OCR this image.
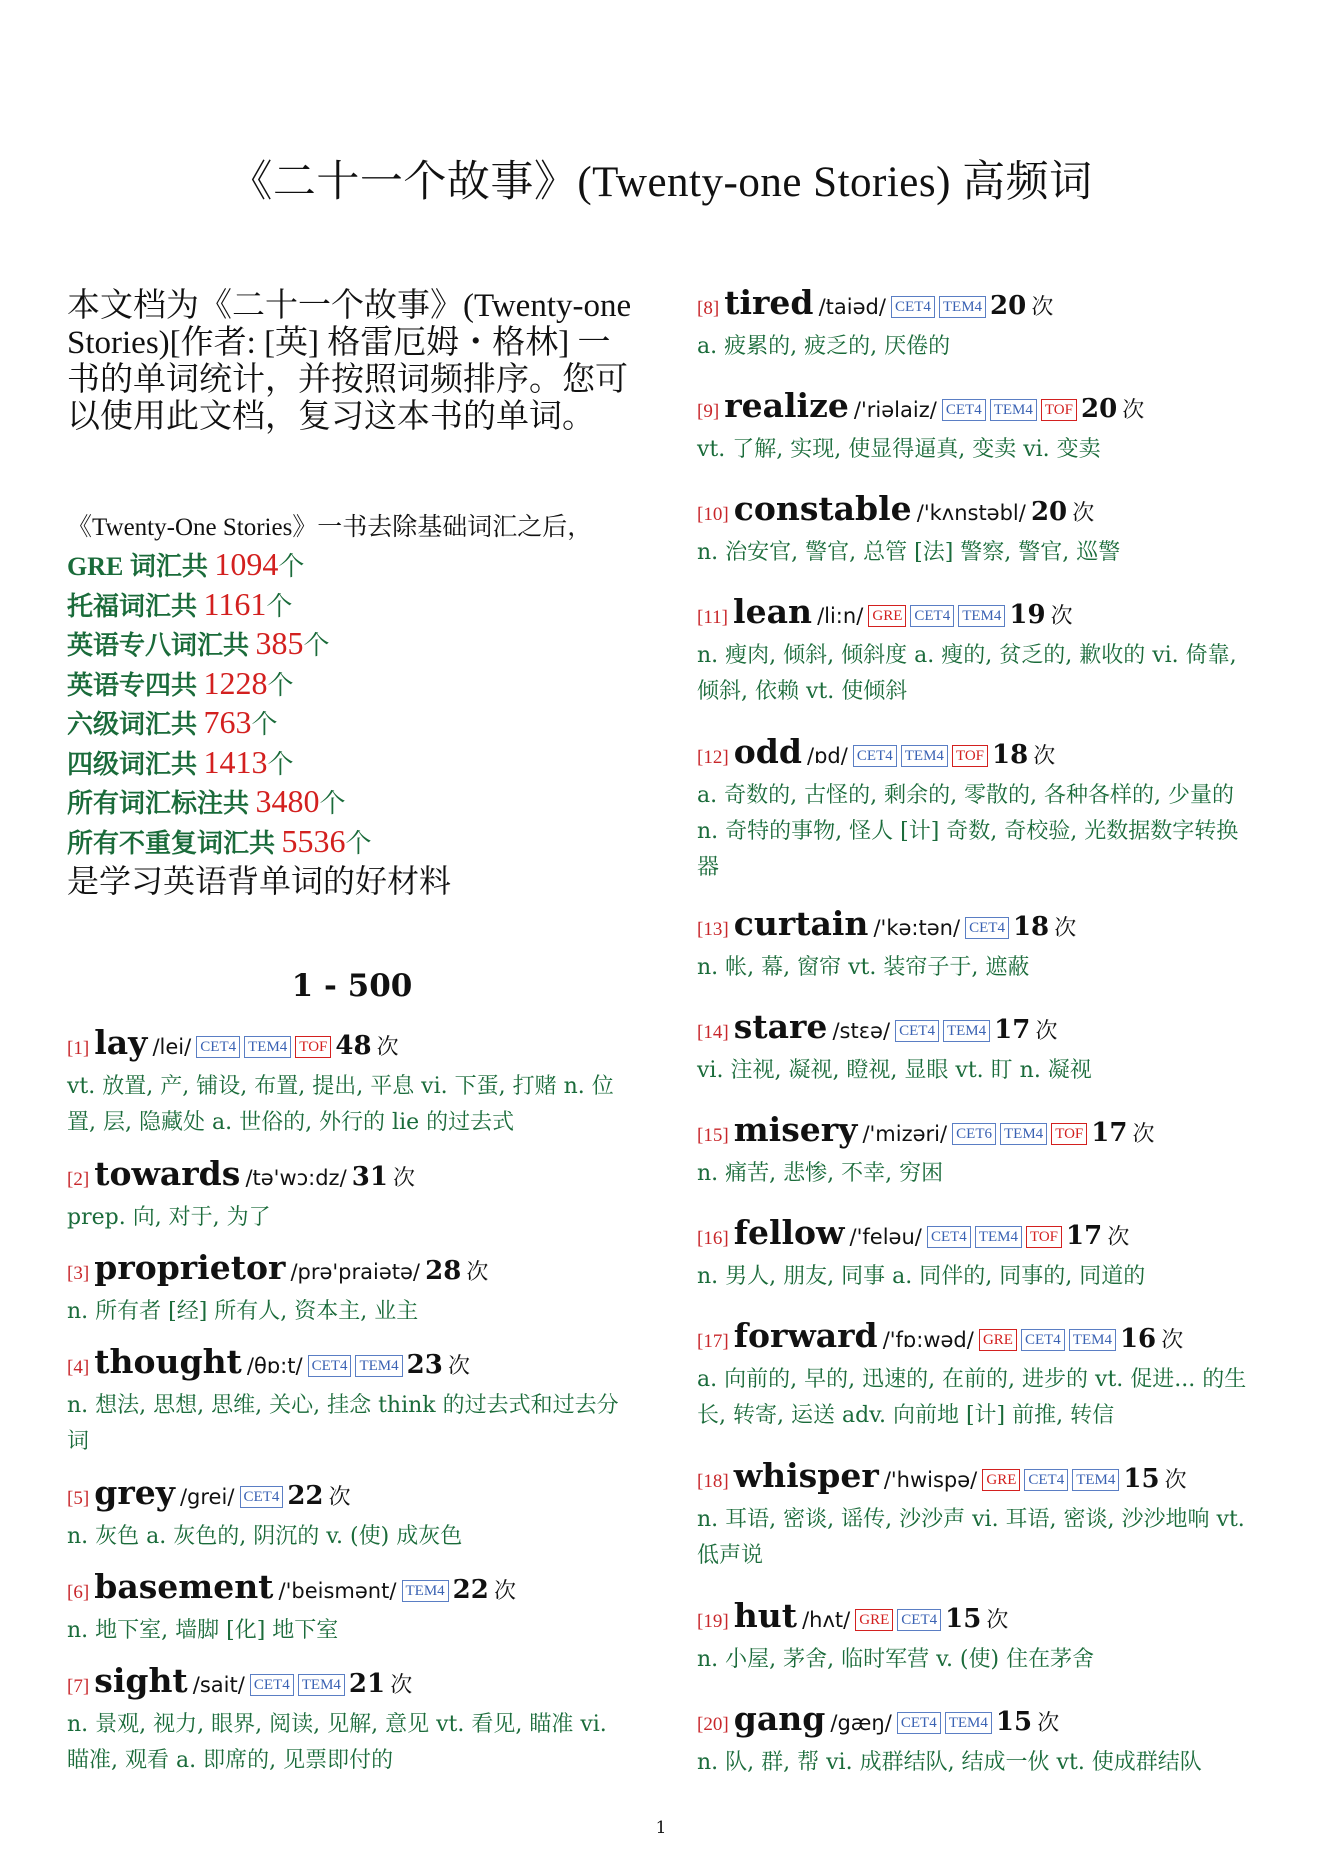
《二十一个故事》(Twenty-one Stories) 高频词
本文档为《二十一个故事》(Twenty-one Stories)[作者: [英] 格雷厄姆・格林] 一书的单词统计，并按照词频排序。您可以使用此文档，复习这本书的单词。
《Twenty-One Stories》一书去除基础词汇之后，
GRE 词汇共 1094个
托福词汇共 1161个
英语专八词汇共 385个
英语专四共 1228个
六级词汇共 763个
四级词汇共 1413个
所有词汇标注共 3480个
所有不重复词汇共 5536个
是学习英语背单词的好材料
1 - 500
[1] lay /lei/ CET4 TEM4 TOF 48 次
vt. 放置, 产, 铺设, 布置, 提出, 平息 vi. 下蛋, 打赌 n. 位
置, 层, 隐藏处 a. 世俗的, 外行的 lie 的过去式
[2] towards /tə'wɔ:dz/ 31 次
prep. 向, 对于, 为了
[3] proprietor /prə'praiətə/ 28 次
n. 所有者 [经] 所有人, 资本主, 业主
[4] thought /θɒ:t/ CET4 TEM4 23 次
n. 想法, 思想, 思维, 关心, 挂念 think 的过去式和过去分
词
[5] grey /grei/ CET4 22 次
n. 灰色 a. 灰色的, 阴沉的 v. (使) 成灰色
[6] basement /'beismənt/ TEM4 22 次
n. 地下室, 墙脚 [化] 地下室
[7] sight /sait/ CET4 TEM4 21 次
n. 景观, 视力, 眼界, 阅读, 见解, 意见 vt. 看见, 瞄准 vi.
瞄准, 观看 a. 即席的, 见票即付的
[8] tired /taiəd/ CET4 TEM4 20 次
a. 疲累的, 疲乏的, 厌倦的
[9] realize /'riəlaiz/ CET4 TEM4 TOF 20 次
vt. 了解, 实现, 使显得逼真, 变卖 vi. 变卖
[10] constable /'kʌnstəbl/ 20 次
n. 治安官, 警官, 总管 [法] 警察, 警官, 巡警
[11] lean /li:n/ GRE CET4 TEM4 19 次
n. 瘦肉, 倾斜, 倾斜度 a. 瘦的, 贫乏的, 歉收的 vi. 倚靠,
倾斜, 依赖 vt. 使倾斜
[12] odd /ɒd/ CET4 TEM4 TOF 18 次
a. 奇数的, 古怪的, 剩余的, 零散的, 各种各样的, 少量的
n. 奇特的事物, 怪人 [计] 奇数, 奇校验, 光数据数字转换
器
[13] curtain /'kə:tən/ CET4 18 次
n. 帐, 幕, 窗帘 vt. 装帘子于, 遮蔽
[14] stare /stɛə/ CET4 TEM4 17 次
vi. 注视, 凝视, 瞪视, 显眼 vt. 盯 n. 凝视
[15] misery /'mizəri/ CET6 TEM4 TOF 17 次
n. 痛苦, 悲惨, 不幸, 穷困
[16] fellow /'feləu/ CET4 TEM4 TOF 17 次
n. 男人, 朋友, 同事 a. 同伴的, 同事的, 同道的
[17] forward /'fɒ:wəd/ GRE CET4 TEM4 16 次
a. 向前的, 早的, 迅速的, 在前的, 进步的 vt. 促进... 的生
长, 转寄, 运送 adv. 向前地 [计] 前推, 转信
[18] whisper /'hwispə/ GRE CET4 TEM4 15 次
n. 耳语, 密谈, 谣传, 沙沙声 vi. 耳语, 密谈, 沙沙地响 vt.
低声说
[19] hut /hʌt/ GRE CET4 15 次
n. 小屋, 茅舍, 临时军营 v. (使) 住在茅舍
[20] gang /gæŋ/ CET4 TEM4 15 次
n. 队, 群, 帮 vi. 成群结队, 结成一伙 vt. 使成群结队
1
